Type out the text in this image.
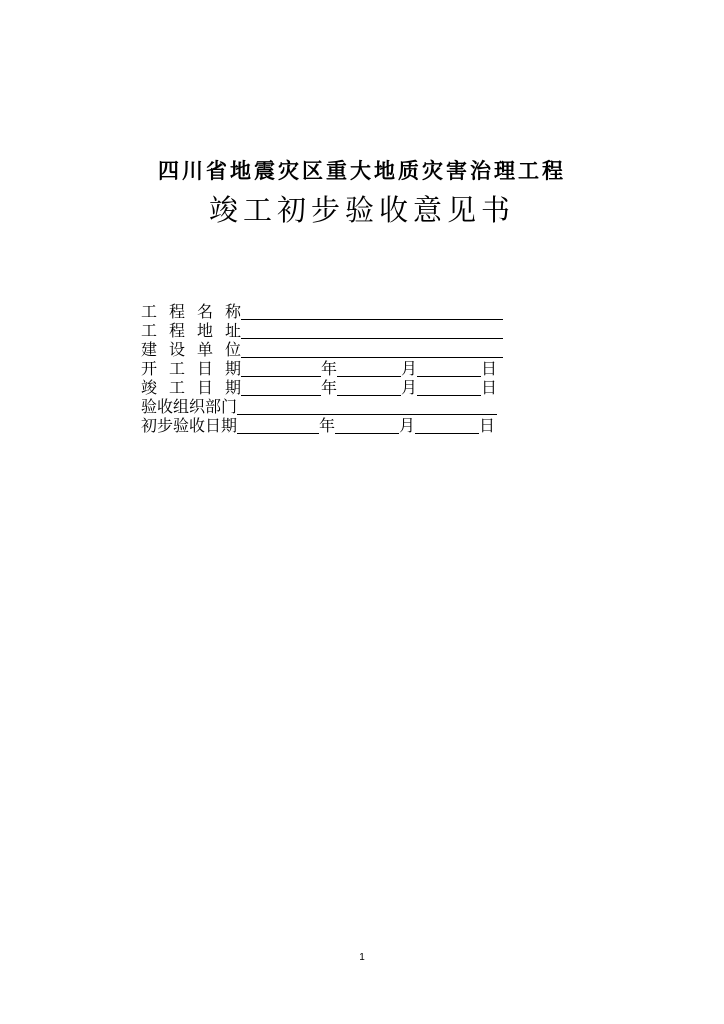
四川省地震灾区重大地质灾害治理工程
竣工初步验收意见书
工 程 名 称
工 程 地 址
建 设 单 位
开 工 日 期	年	月	日
竣 工 日 期	年	月	日
验收组织部门
初步验收日期	年	月	日
1
